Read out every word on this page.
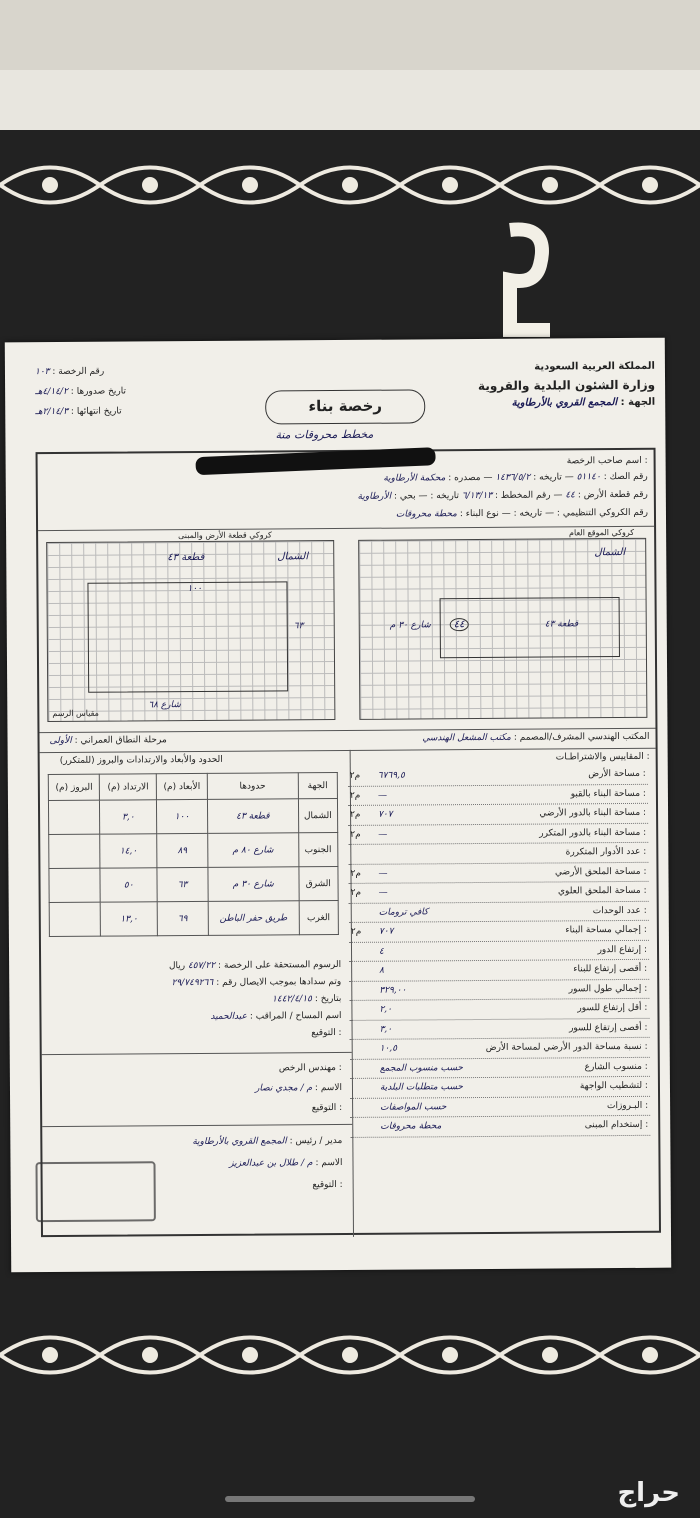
المملكة العربية السعودية
وزارة الشئون البلدية والقروية
الجهة : المجمع القروي بالأرطاوية
رخصة بناء
مخطط محروقات منة
رقم الرخصة : ١٠٣
تاريخ صدورها : ٤/١٤/٢هـ
تاريخ انتهائها : ٢/١٤/٣هـ
اسم صاحب الرخصة :
رقم الصك : ٥١١٤٠ — تاريخه : ١٤٣٦/٥/٢ — مصدره : محكمة الأرطاوية
رقم قطعة الأرض : ٤٤ — رقم المخطط : ٦/١٣/١٣ تاريخه : — بحي : الأرطاوية
رقم الكروكي التنظيمي : — تاريخه : — نوع البناء : محطة محروقات
كروكي الموقع العام
الشمال
٤٤	قطعة ٤٣
شارع ٣٠ م
كروكي قطعة الأرض والمبنى
قطعة ٤٣	الشمال
١٠٠
٦٣
شارع ٦٨
مقياس الرسم
المكتب الهندسي المشرف/المصمم : مكتب المشعل الهندسي
مرحلة النطاق العمراني : الأولى
الحدود والأبعاد والارتدادات والبروز (للمتكرر)
البروز (م)	الارتداد (م)	الأبعاد (م)	حدودها	الجهة
	٣,٠	١٠٠	قطعة ٤٣	الشمال
	١٤,٠	٨٩	شارع ٨٠ م	الجنوب
	٥٠	٦٣	شارع ٣٠ م	الشرق
	١٣,٠	٦٩	طريق حفر الباطن	الغرب
الرسوم المستحقة على الرخصة : ٤٥٧/٢٢ ريال
وتم سدادها بموجب الايصال رقم : ٢٩/٧٤٩٢٦٦
بتاريخ : ١٤٤٢/٤/١٥
اسم المساح / المراقب : عبدالحميد
التوقيع :
مهندس الرخص :
الاسم : م / مجدي نصار
التوقيع :
مدير / رئيس : المجمع القروي بالأرطاوية
الاسم : م / طلال بن عبدالعزيز
التوقيع :
المقاييس والاشتراطـات :
م٢ ٦٧٦٩,٥	مساحة الأرض :
م٢ —	مساحة البناء بالقبو :
م٢ ٧٠٧	مساحة البناء بالدور الأرضي :
م٢ —	مساحة البناء بالدور المتكرر :
عدد الأدوار المتكررة :
م٢ —	مساحة الملحق الأرضي :
م٢ —	مساحة الملحق العلوي :
كافي ترومات	عدد الوحدات :
م٢ ٧٠٧	إجمالي مساحة البناء :
٤	إرتفاع الدور :
٨	أقصى إرتفاع للبناء :
٣٢٩,٠٠	إجمالي طول السور :
٢,٠	أقل إرتفاع للسور :
٣,٠	أقصى إرتفاع للسور :
١٠,٥	نسبة مساحة الدور الأرضي لمساحة الأرض :
حسب منسوب المجمع	منسوب الشارع :
حسب متطلبات البلدية	لتشطيب الواجهة :
حسب المواصفات	البـروزات :
محطة محروقات	إستخدام المبنى :
حراج
